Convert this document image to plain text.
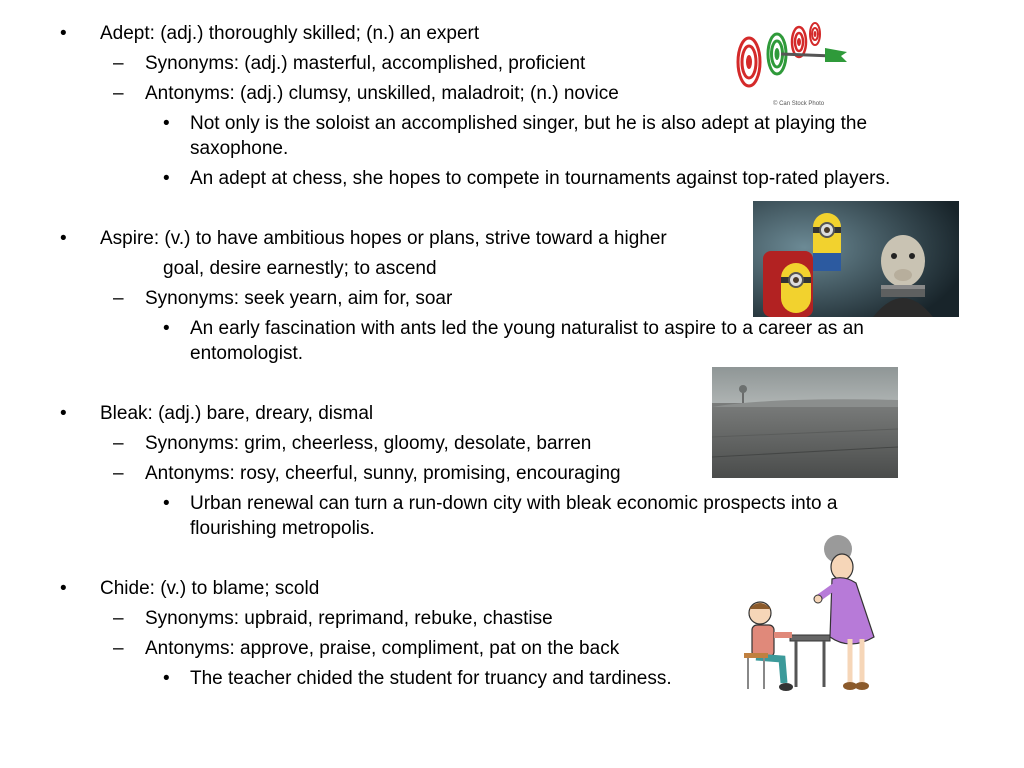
• Adept: (adj.) thoroughly skilled; (n.) an expert
– Synonyms: (adj.) masterful, accomplished, proficient
– Antonyms: (adj.) clumsy, unskilled, maladroit; (n.) novice
• Not only is the soloist an accomplished singer, but he is also adept at playing the
saxophone.
• An adept at chess, she hopes to compete in tournaments against top-rated players.
• Aspire: (v.) to have ambitious hopes or plans, strive toward a higher
goal, desire earnestly; to ascend
– Synonyms: seek yearn, aim for, soar
• An early fascination with ants led the young naturalist to aspire to a career as an
entomologist.
• Bleak: (adj.) bare, dreary, dismal
– Synonyms: grim, cheerless, gloomy, desolate, barren
– Antonyms: rosy, cheerful, sunny, promising, encouraging
• Urban renewal can turn a run-down city with bleak economic prospects into a
flourishing metropolis.
• Chide: (v.) to blame; scold
– Synonyms: upbraid, reprimand, rebuke, chastise
– Antonyms: approve, praise, compliment, pat on the back
• The teacher chided the student for truancy and tardiness.
© Can Stock Photo
